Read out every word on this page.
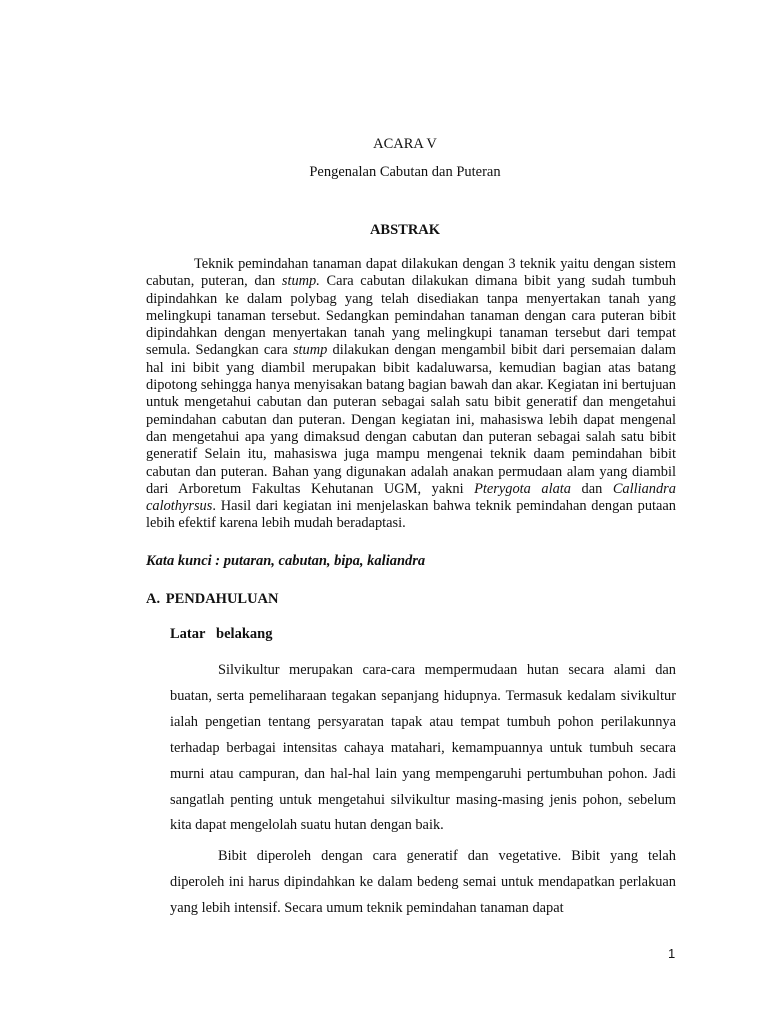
ACARA V
Pengenalan Cabutan dan Puteran
ABSTRAK

Teknik pemindahan tanaman dapat dilakukan dengan 3 teknik yaitu dengan sistem cabutan, puteran, dan stump. Cara cabutan dilakukan dimana bibit yang sudah tumbuh dipindahkan ke dalam polybag yang telah disediakan tanpa menyertakan tanah yang melingkupi tanaman tersebut. Sedangkan pemindahan tanaman dengan cara puteran bibit dipindahkan dengan menyertakan tanah yang melingkupi tanaman tersebut dari tempat semula. Sedangkan cara stump dilakukan dengan mengambil bibit dari persemaian dalam hal ini bibit yang diambil merupakan bibit kadaluwarsa, kemudian bagian atas batang dipotong sehingga hanya menyisakan batang bagian bawah dan akar. Kegiatan ini bertujuan untuk mengetahui cabutan dan puteran sebagai salah satu bibit generatif dan mengetahui pemindahan cabutan dan puteran. Dengan kegiatan ini, mahasiswa lebih dapat mengenal dan mengetahui apa yang dimaksud dengan cabutan dan puteran sebagai salah satu bibit generatif Selain itu, mahasiswa juga mampu mengenai teknik daam pemindahan bibit cabutan dan puteran. Bahan yang digunakan adalah anakan permudaan alam yang diambil dari Arboretum Fakultas Kehutanan UGM, yakni Pterygota alata dan Calliandra calothyrsus. Hasil dari kegiatan ini menjelaskan bahwa teknik pemindahan dengan putaan lebih efektif karena lebih mudah beradaptasi.

Kata kunci : putaran, cabutan, bipa, kaliandra
A. PENDAHULUAN
Latar   belakang

Silvikultur merupakan cara-cara mempermudaan hutan secara alami dan buatan, serta pemeliharaan tegakan sepanjang hidupnya. Termasuk kedalam sivikultur ialah pengetian tentang persyaratan tapak atau tempat tumbuh pohon perilakunnya terhadap berbagai intensitas cahaya matahari, kemampuannya untuk tumbuh secara murni atau campuran, dan hal-hal lain yang mempengaruhi pertumbuhan pohon. Jadi sangatlah penting untuk mengetahui silvikultur masing-masing jenis pohon, sebelum kita dapat mengelolah suatu hutan dengan baik.

Bibit diperoleh dengan cara generatif dan vegetative. Bibit yang telah diperoleh ini harus dipindahkan ke dalam bedeng semai untuk mendapatkan perlakuan yang lebih intensif. Secara umum teknik pemindahan tanaman dapat

1
